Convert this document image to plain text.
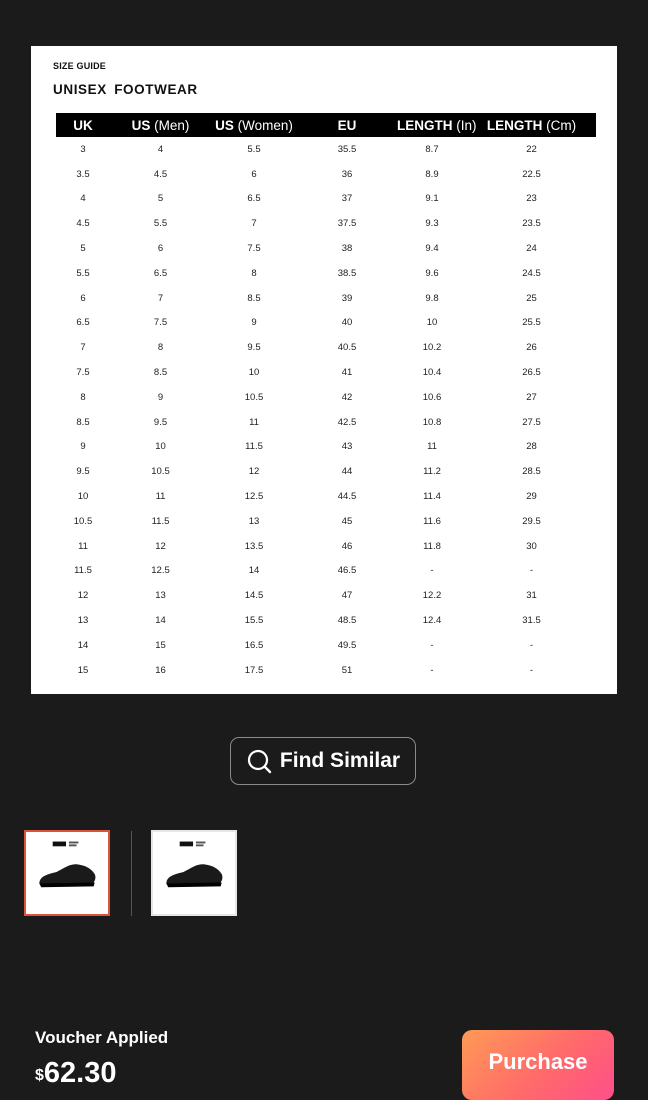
SIZE GUIDE
UNISEX FOOTWEAR
UK	US (Men)	US (Women)	EU	LENGTH (In)	LENGTH (Cm)
3	4	5.5	35.5	8.7	22
3.5	4.5	6	36	8.9	22.5
4	5	6.5	37	9.1	23
4.5	5.5	7	37.5	9.3	23.5
5	6	7.5	38	9.4	24
5.5	6.5	8	38.5	9.6	24.5
6	7	8.5	39	9.8	25
6.5	7.5	9	40	10	25.5
7	8	9.5	40.5	10.2	26
7.5	8.5	10	41	10.4	26.5
8	9	10.5	42	10.6	27
8.5	9.5	11	42.5	10.8	27.5
9	10	11.5	43	11	28
9.5	10.5	12	44	11.2	28.5
10	11	12.5	44.5	11.4	29
10.5	11.5	13	45	11.6	29.5
11	12	13.5	46	11.8	30
11.5	12.5	14	46.5	-	-
12	13	14.5	47	12.2	31
13	14	15.5	48.5	12.4	31.5
14	15	16.5	49.5	-	-
15	16	17.5	51	-	-
Find Similar
Voucher Applied
$62.30	Purchase
